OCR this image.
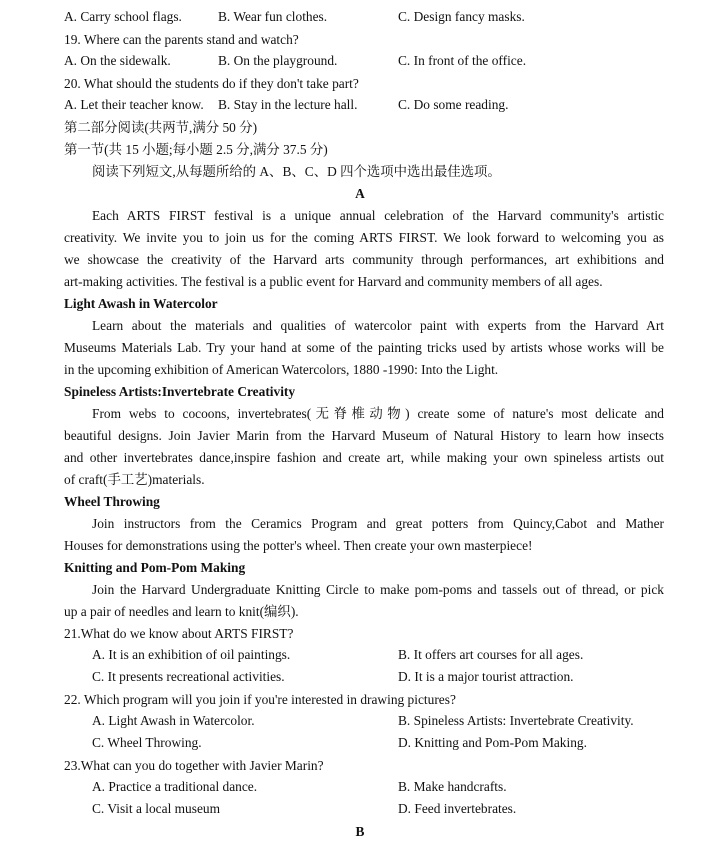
A. Carry school flags.	B. Wear fun clothes.	C. Design fancy masks.
19. Where can the parents stand and watch?
A. On the sidewalk.	B. On the playground.	C. In front of the office.
20. What should the students do if they don't take part?
A. Let their teacher know. B. Stay in the lecture hall.	C. Do some reading.
第二部分阅读(共两节,满分 50 分)
第一节(共 15 小题;每小题 2.5 分,满分 37.5 分)
阅读下列短文,从每题所给的 A、B、C、D 四个选项中选出最佳选项。
A
Each ARTS FIRST festival is a unique annual celebration of the Harvard community's artistic
creativity. We invite you to join us for the coming ARTS FIRST. We look forward to welcoming you as
we showcase the creativity of the Harvard arts community through performances, art exhibitions and
art-making activities. The festival is a public event for Harvard and community members of all ages.
Light Awash in Watercolor
Learn about the materials and qualities of watercolor paint with experts from the Harvard Art
Museums Materials Lab. Try your hand at some of the painting tricks used by artists whose works will be
in the upcoming exhibition of American Watercolors, 1880 -1990: Into the Light.
Spineless Artists:Invertebrate Creativity
From webs to cocoons, invertebrates(无脊椎动物) create some of nature's most delicate and
beautiful designs. Join Javier Marin from the Harvard Museum of Natural History to learn how insects
and other invertebrates dance,inspire fashion and create art, while making your own spineless artists out
of craft(手工艺)materials.
Wheel Throwing
Join instructors from the Ceramics Program and great potters from Quincy,Cabot and Mather
Houses for demonstrations using the potter's wheel. Then create your own masterpiece!
Knitting and Pom-Pom Making
Join the Harvard Undergraduate Knitting Circle to make pom-poms and tassels out of thread, or pick
up a pair of needles and learn to knit(编织).
21.What do we know about ARTS FIRST?
A. It is an exhibition of oil paintings.	B. It offers art courses for all ages.
C. It presents recreational activities.	D. It is a major tourist attraction.
22. Which program will you join if you're interested in drawing pictures?
A. Light Awash in Watercolor.	B. Spineless Artists: Invertebrate Creativity.
C. Wheel Throwing.	D. Knitting and Pom-Pom Making.
23.What can you do together with Javier Marin?
A. Practice a traditional dance.	B. Make handcrafts.
C. Visit a local museum	D. Feed invertebrates.
B
